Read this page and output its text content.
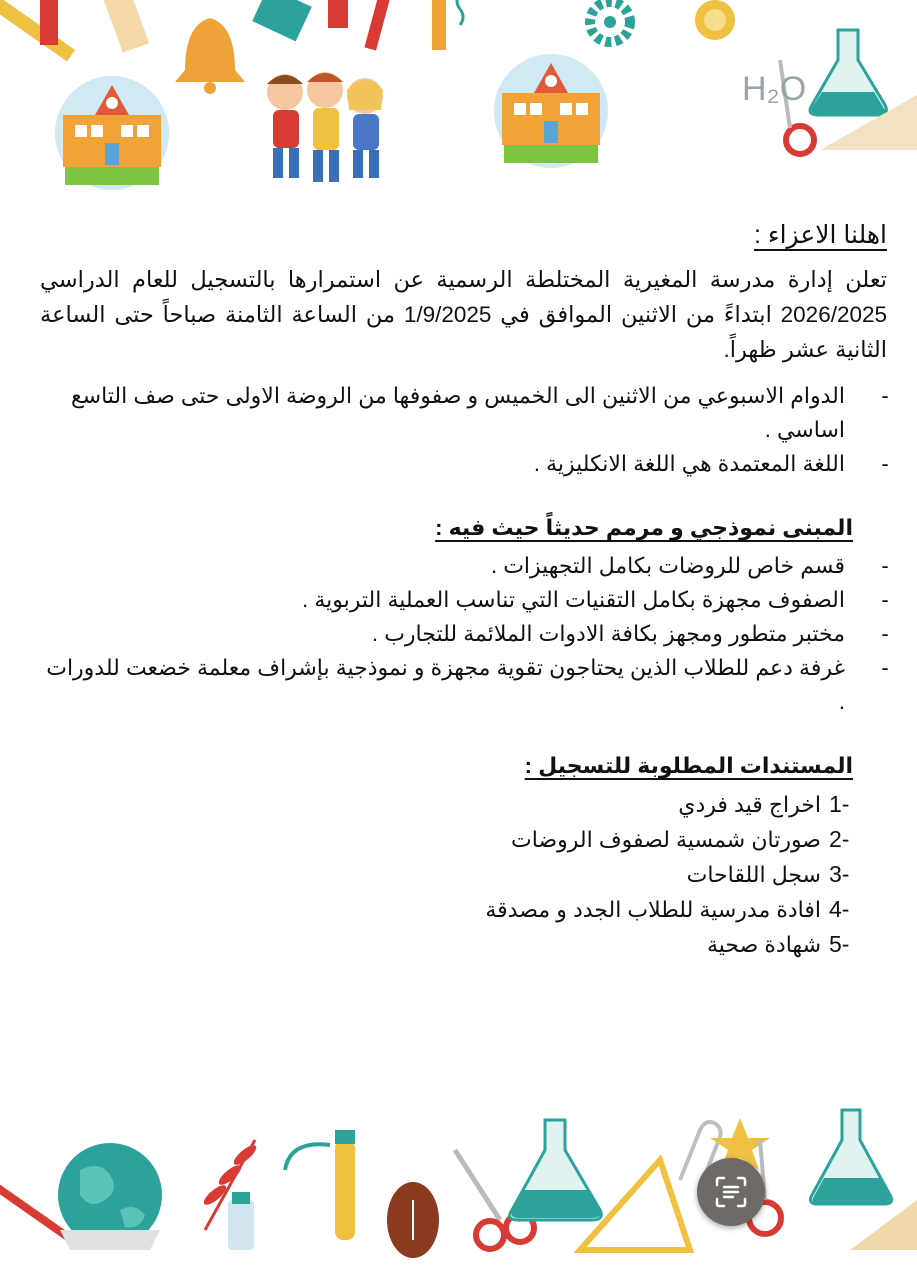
H₂O
اهلنا الاعزاء :
تعلن إدارة مدرسة المغيرية المختلطة الرسمية عن استمرارها بالتسجيل للعام الدراسي 2026/2025 ابتداءً من الاثنين الموافق في 1/9/2025 من الساعة الثامنة صباحاً حتى الساعة الثانية عشر ظهراً.
- الدوام الاسبوعي من الاثنين الى الخميس و صفوفها من الروضة الاولى حتى صف التاسع اساسي .
- اللغة المعتمدة هي اللغة الانكليزية .
المبنى نموذجي و مرمم حديثاً حيث فيه :
- قسم خاص للروضات بكامل التجهيزات .
- الصفوف مجهزة بكامل التقنيات التي تناسب العملية التربوية .
- مختبر متطور ومجهز بكافة الادوات الملائمة للتجارب .
- غرفة دعم للطلاب الذين يحتاجون تقوية مجهزة و نموذجية بإشراف معلمة خضعت للدورات .
المستندات المطلوبة للتسجيل :
1-
اخراج قيد فردي
2-
صورتان شمسية لصفوف الروضات
3-
سجل اللقاحات
4-
افادة مدرسية للطلاب الجدد و مصدقة
5-
شهادة صحية
